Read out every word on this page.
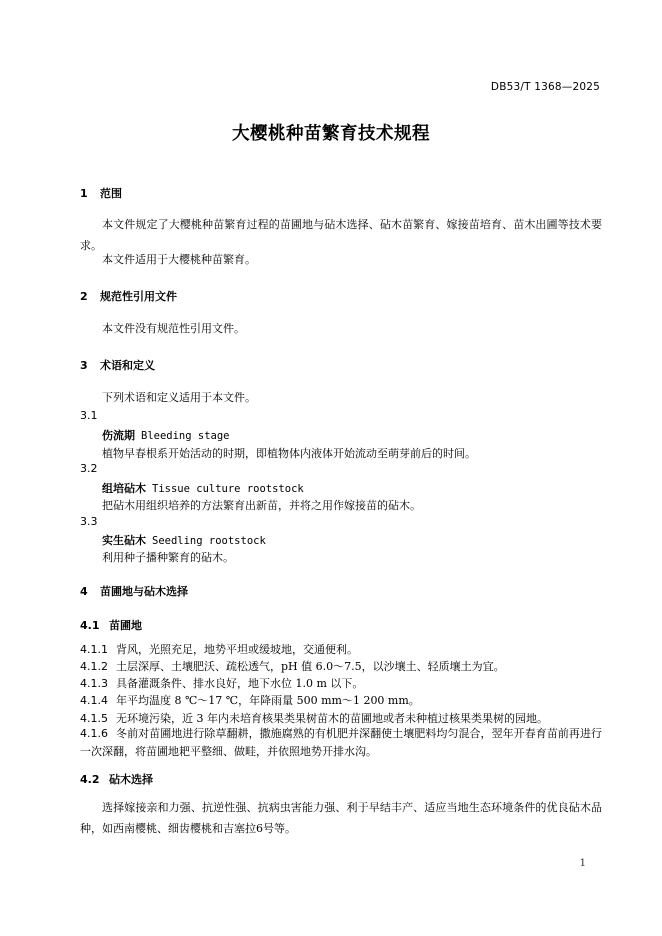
DB53/T 1368—2025
大樱桃种苗繁育技术规程
1 范围
本文件规定了大樱桃种苗繁育过程的苗圃地与砧木选择、砧木苗繁育、嫁接苗培育、苗木出圃等技术要求。
本文件适用于大樱桃种苗繁育。
2 规范性引用文件
本文件没有规范性引用文件。
3 术语和定义
下列术语和定义适用于本文件。
3.1
伤流期 Bleeding stage
植物早春根系开始活动的时期，即植物体内液体开始流动至萌芽前后的时间。
3.2
组培砧木 Tissue culture rootstock
把砧木用组织培养的方法繁育出新苗，并将之用作嫁接苗的砧木。
3.3
实生砧木 Seedling rootstock
利用种子播种繁育的砧木。
4 苗圃地与砧木选择
4.1 苗圃地
4.1.1 背风，光照充足，地势平坦或缓坡地，交通便利。
4.1.2 土层深厚、土壤肥沃、疏松透气，pH 值 6.0～7.5，以沙壤土、轻质壤土为宜。
4.1.3 具备灌溉条件、排水良好，地下水位 1.0 m 以下。
4.1.4 年平均温度 8 ℃～17 ℃，年降雨量 500 mm～1 200 mm。
4.1.5 无环境污染，近 3 年内未培育核果类果树苗木的苗圃地或者未种植过核果类果树的园地。
4.1.6 冬前对苗圃地进行除草翻耕，撒施腐熟的有机肥并深翻使土壤肥料均匀混合，翌年开春育苗前再进行一次深翻，将苗圃地耙平整细、做畦，并依照地势开排水沟。
4.2 砧木选择
选择嫁接亲和力强、抗逆性强、抗病虫害能力强、利于早结丰产、适应当地生态环境条件的优良砧木品种，如西南樱桃、细齿樱桃和吉塞拉6号等。
1
